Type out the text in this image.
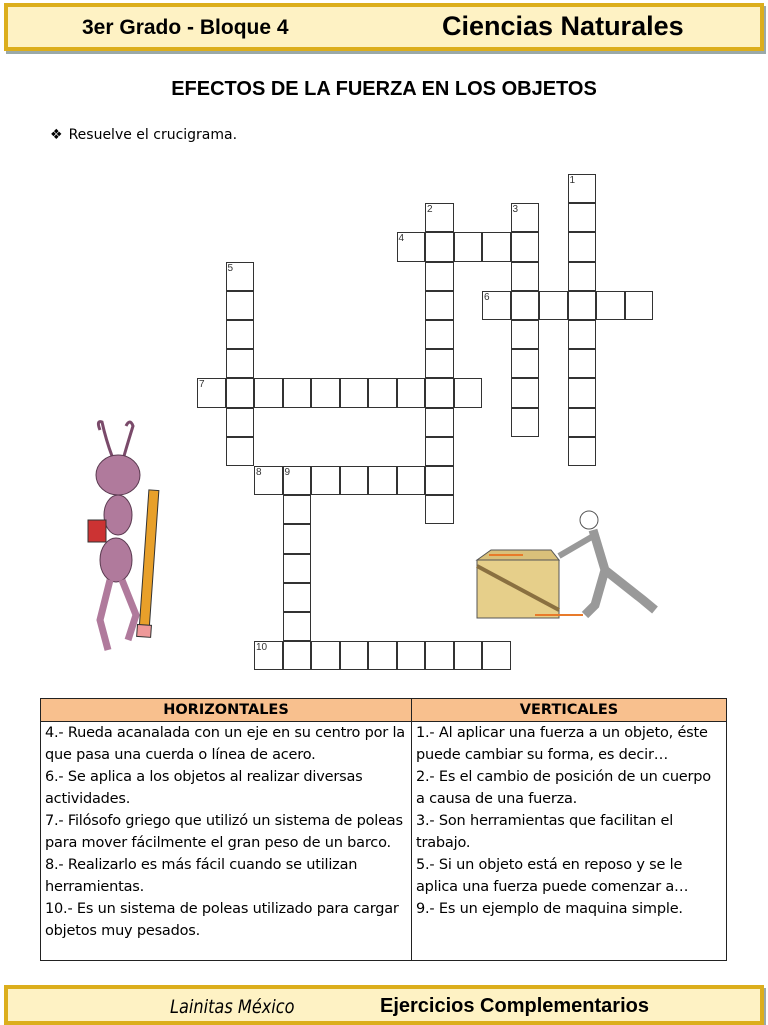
3er Grado - Bloque 4	Ciencias Naturales
EFECTOS DE LA FUERZA EN LOS OBJETOS
❖ Resuelve el crucigrama.
1
2	3
4
5
6
7
8 9
10
HORIZONTALES
4.- Rueda acanalada con un eje en su centro por la que pasa una cuerda o línea de acero.
6.- Se aplica a los objetos al realizar diversas actividades.
7.- Filósofo griego que utilizó un sistema de poleas para mover fácilmente el gran peso de un barco.
8.- Realizarlo es más fácil cuando se utilizan herramientas.
10.- Es un sistema de poleas utilizado para cargar objetos muy pesados.
VERTICALES
1.- Al aplicar una fuerza a un objeto, éste puede cambiar su forma, es decir…
2.- Es el cambio de posición de un cuerpo a causa de una fuerza.
3.- Son herramientas que facilitan el trabajo.
5.- Si un objeto está en reposo y se le aplica una fuerza puede comenzar a…
9.- Es un ejemplo de maquina simple.
Lainitas México	Ejercicios Complementarios
